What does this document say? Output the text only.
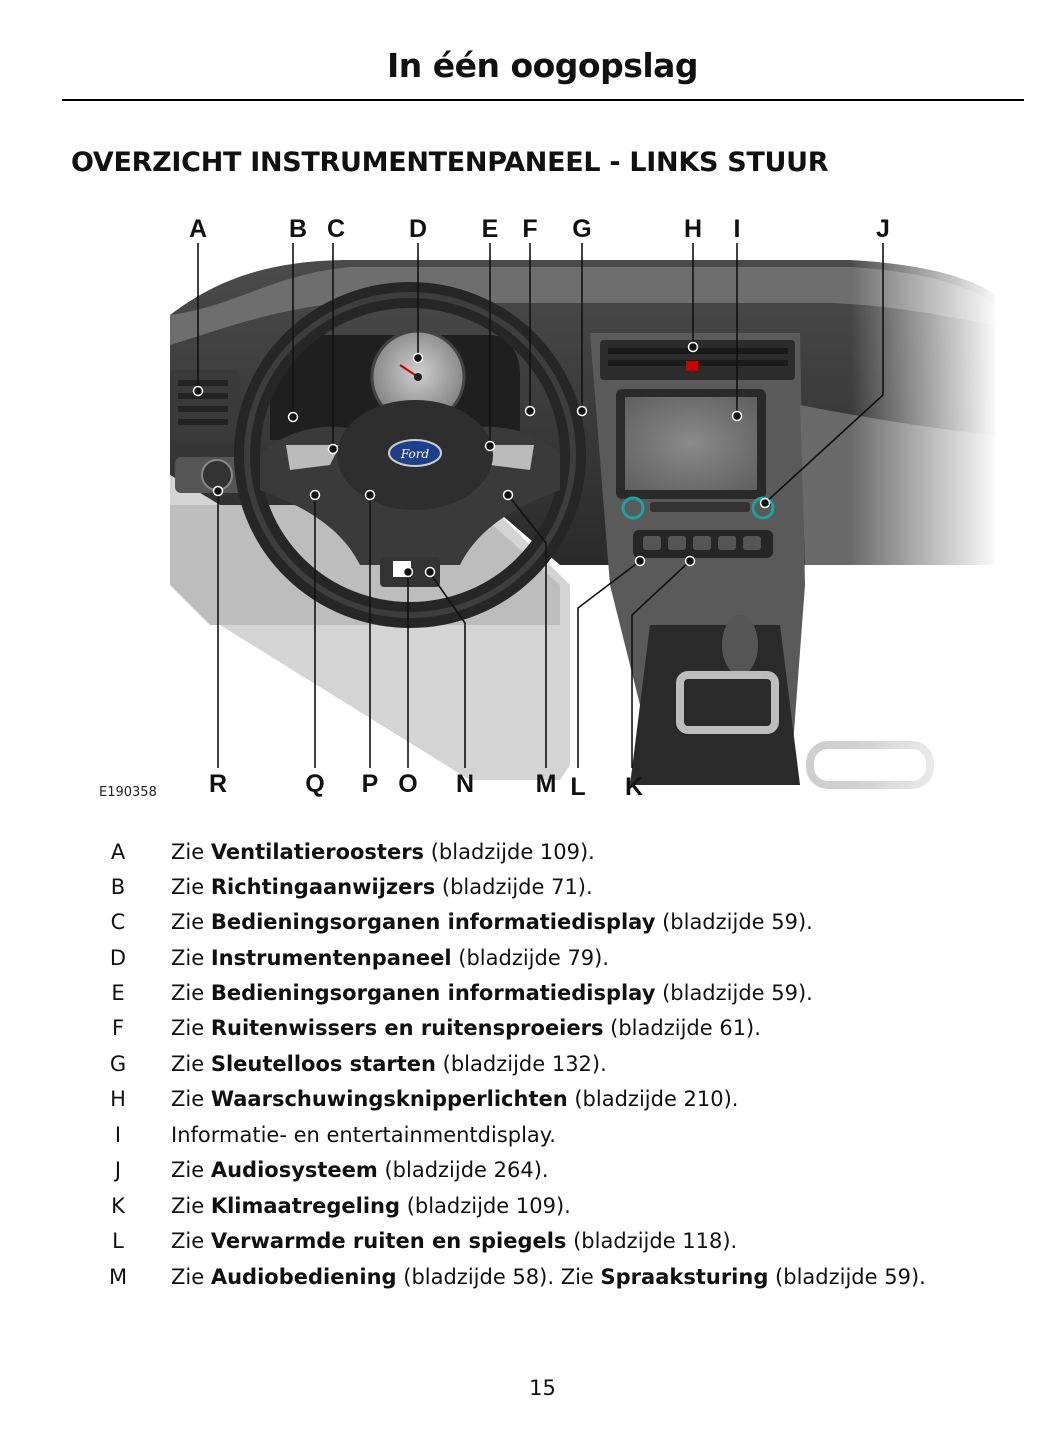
In één oogopslag
OVERZICHT INSTRUMENTENPANEEL - LINKS STUUR
Ford
A	B C	D E F G	H I	J
R	Q P O N M L K
E190358
A Zie Ventilatieroosters (bladzijde 109).
B Zie Richtingaanwijzers (bladzijde 71).
C Zie Bedieningsorganen informatiedisplay (bladzijde 59).
D Zie Instrumentenpaneel (bladzijde 79).
E Zie Bedieningsorganen informatiedisplay (bladzijde 59).
F Zie Ruitenwissers en ruitensproeiers (bladzijde 61).
G Zie Sleutelloos starten (bladzijde 132).
H Zie Waarschuwingsknipperlichten (bladzijde 210).
I	Informatie- en entertainmentdisplay.
J	Zie Audiosysteem (bladzijde 264).
K Zie Klimaatregeling (bladzijde 109).
L Zie Verwarmde ruiten en spiegels (bladzijde 118).
M Zie Audiobediening (bladzijde 58). Zie Spraaksturing (bladzijde 59).
15
